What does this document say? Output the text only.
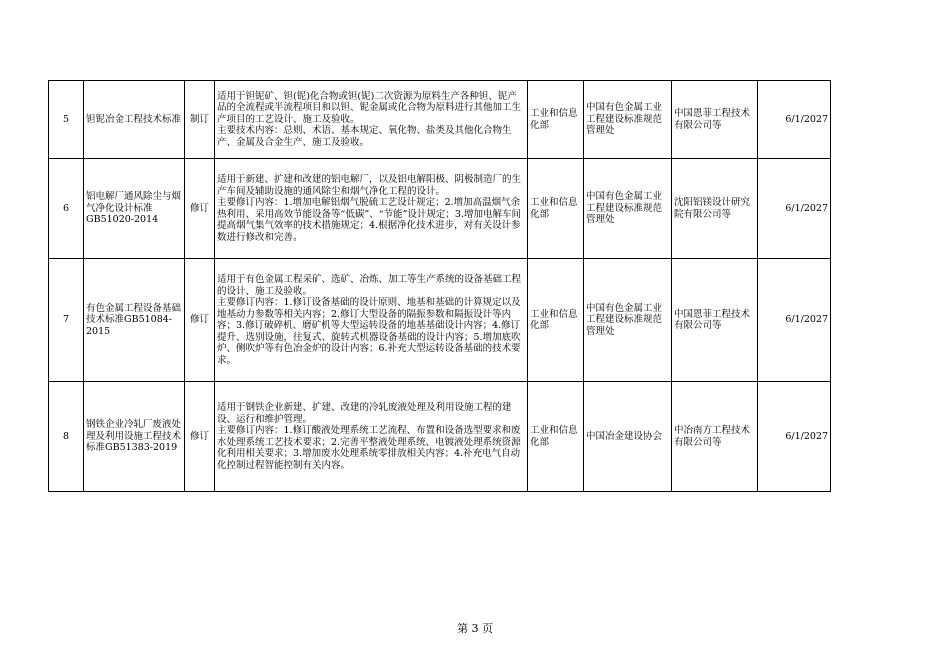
5	钽铌冶金工程技术标准	制订	适用于钽铌矿、钽(铌)化合物或钽(铌)二次资源为原料生产各种钽、铌产品的全流程或半流程项目和以钽、铌金属或化合物为原料进行其他加工生产项目的工艺设计、施工及验收。
主要技术内容：总则、术语、基本规定、氧化物、盐类及其他化合物生产、金属及合金生产、施工及验收。	工业和信息化部	中国有色金属工业工程建设标准规范管理处	中国恩菲工程技术有限公司等	6/1/2027
6	铝电解厂通风除尘与烟气净化设计标准GB51020-2014	修订	适用于新建、扩建和改建的铝电解厂，以及铝电解阳极、阴极制造厂的生产车间及辅助设施的通风除尘和烟气净化工程的设计。
主要修订内容：1.增加电解铝烟气脱硫工艺设计规定；2.增加高温烟气余热利用、采用高效节能设备等“低碳”、“节能”设计规定；3.增加电解车间提高烟气集气效率的技术措施规定；4.根据净化技术进步，对有关设计参数进行修改和完善。	工业和信息化部	中国有色金属工业工程建设标准规范管理处	沈阳铝镁设计研究院有限公司等	6/1/2027
7	有色金属工程设备基础技术标准GB51084-2015	修订	适用于有色金属工程采矿、选矿、冶炼、加工等生产系统的设备基础工程的设计、施工及验收。
主要修订内容：1.修订设备基础的设计原则、地基和基础的计算规定以及地基动力参数等相关内容；2.修订大型设备的隔振参数和隔振设计等内容；3.修订破碎机、磨矿机等大型运转设备的地基基础设计内容；4.修订提升、选别设施，往复式、旋转式机器设备基础的设计内容；5.增加底吹炉、侧吹炉等有色冶金炉的设计内容；6.补充大型运转设备基础的技术要求。	工业和信息化部	中国有色金属工业工程建设标准规范管理处	中国恩菲工程技术有限公司等	6/1/2027
8	钢铁企业冷轧厂废液处理及利用设施工程技术标准GB51383-2019	修订	适用于钢铁企业新建、扩建、改建的冷轧废液处理及利用设施工程的建设、运行和维护管理。
主要修订内容：1.修订酸液处理系统工艺流程、布置和设备选型要求和废水处理系统工艺技术要求；2.完善平整液处理系统、电镀液处理系统资源化利用相关要求；3.增加废水处理系统零排放相关内容；4.补充电气自动化控制过程智能控制有关内容。	工业和信息化部	中国冶金建设协会	中冶南方工程技术有限公司等	6/1/2027
第 3 页
